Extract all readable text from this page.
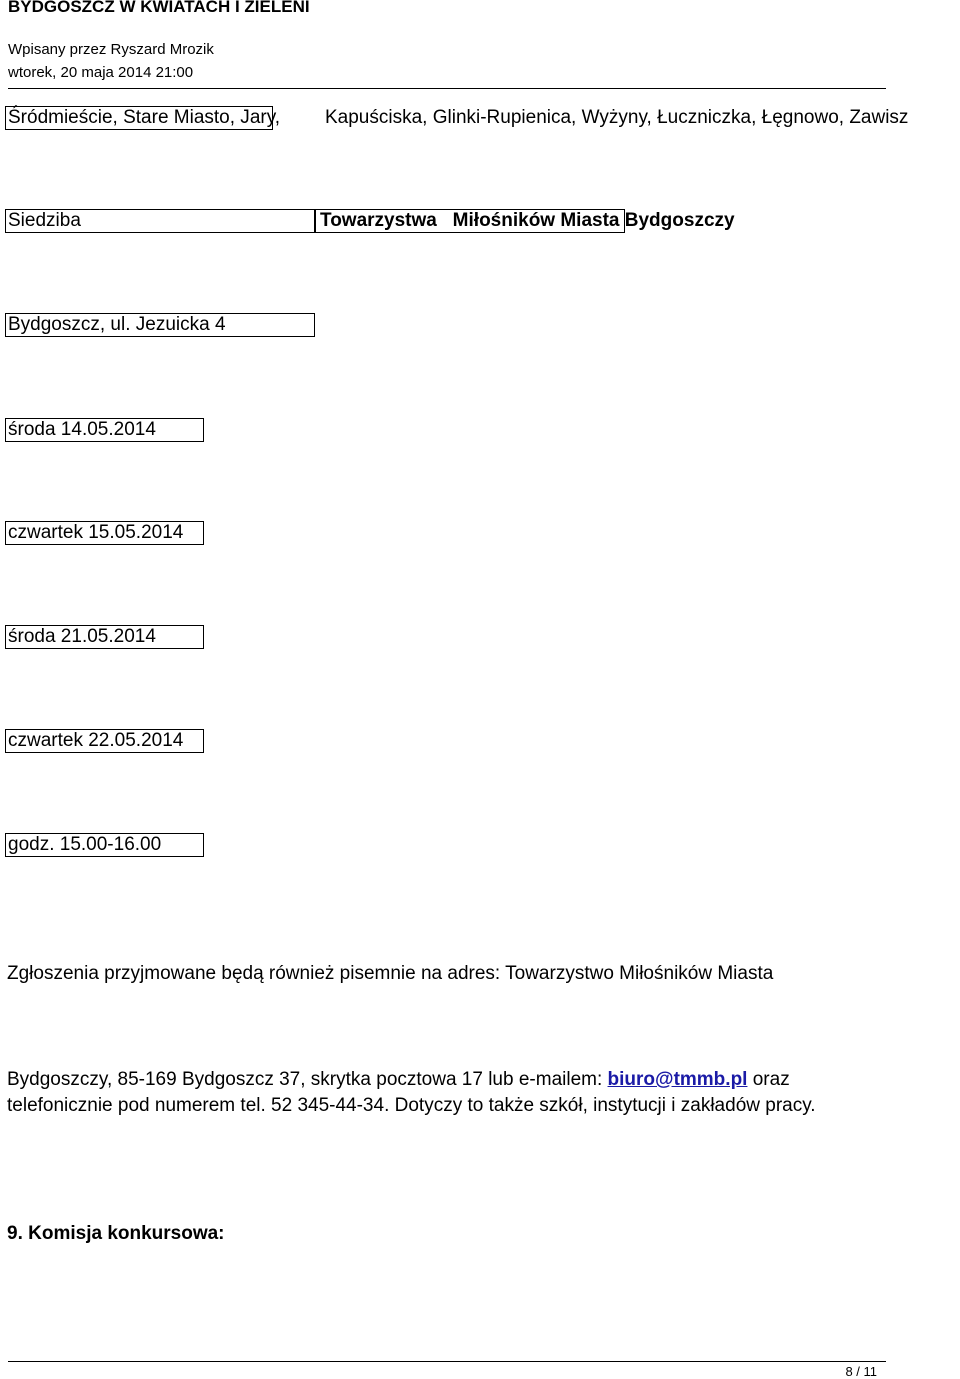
BYDGOSZCZ W KWIATACH I ZIELENI
Wpisany przez Ryszard Mrozik
wtorek, 20 maja 2014 21:00
Śródmieście, Stare Miasto, Jary, Kapuściska, Glinki-Rupienica, Wyżyny, Łuczniczka, Łęgnowo, Zawisz
Siedziba	Towarzystwa   Miłośników Miasta Bydgoszczy
Bydgoszcz, ul. Jezuicka 4
środa 14.05.2014
czwartek 15.05.2014
środa 21.05.2014
czwartek 22.05.2014
godz. 15.00-16.00
Zgłoszenia przyjmowane będą również pisemnie na adres: Towarzystwo Miłośników Miasta
Bydgoszczy, 85-169 Bydgoszcz 37, skrytka pocztowa 17 lub e-mailem: biuro@tmmb.pl oraz telefonicznie pod numerem tel. 52 345-44-34. Dotyczy to także szkół, instytucji i zakładów pracy.
9. Komisja konkursowa:
8 / 11
